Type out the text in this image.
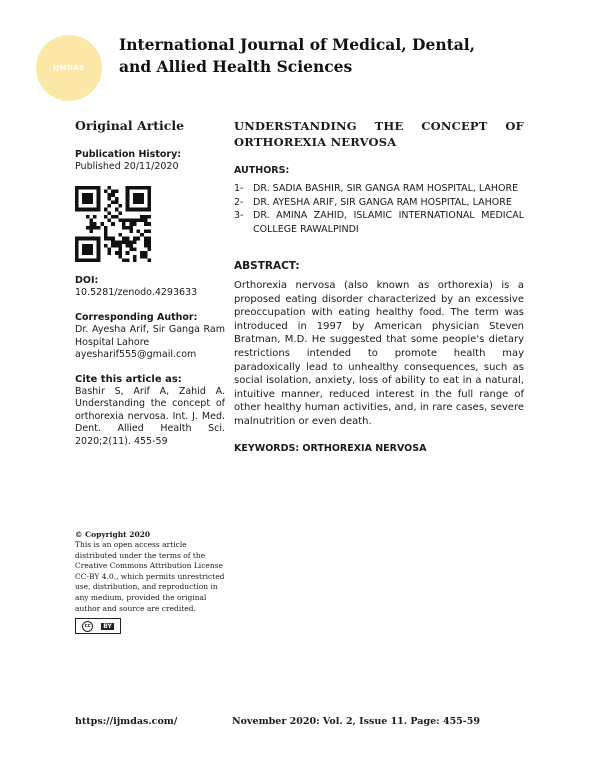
IJMDAS
International Journal of Medical, Dental,
and Allied Health Sciences

Original Article

Publication History:

Published 20/11/2020

DOI:

10.5281/zenodo.4293633

Corresponding Author:

Dr. Ayesha Arif, Sir Ganga Ram Hospital Lahore

ayesharif555@gmail.com

Cite this article as:

Bashir S, Arif A, Zahid A. Understanding the concept of orthorexia nervosa. Int. J. Med. Dent. Allied Health Sci. 2020;2(11). 455-59

© Copyright 2020

This is an open access article distributed under the terms of the Creative Commons Attribution License CC-BY 4.0., which permits unrestricted use, distribution, and reproduction in any medium, provided the original author and source are credited.

cc	BY

UNDERSTANDING THE CONCEPT OF ORTHOREXIA NERVOSA

AUTHORS:

1-	DR. SADIA BASHIR, SIR GANGA RAM HOSPITAL, LAHORE
2-	DR. AYESHA ARIF, SIR GANGA RAM HOSPITAL, LAHORE
3-	DR. AMINA ZAHID, ISLAMIC INTERNATIONAL MEDICAL COLLEGE RAWALPINDI

ABSTRACT:

Orthorexia nervosa (also known as orthorexia) is a proposed eating disorder characterized by an excessive preoccupation with eating healthy food. The term was introduced in 1997 by American physician Steven Bratman, M.D. He suggested that some people's dietary restrictions intended to promote health may paradoxically lead to unhealthy consequences, such as social isolation, anxiety, loss of ability to eat in a natural, intuitive manner, reduced interest in the full range of other healthy human activities, and, in rare cases, severe malnutrition or even death.

KEYWORDS: ORTHOREXIA NERVOSA

https://ijmdas.com/	November 2020: Vol. 2, Issue 11. Page: 455-59
